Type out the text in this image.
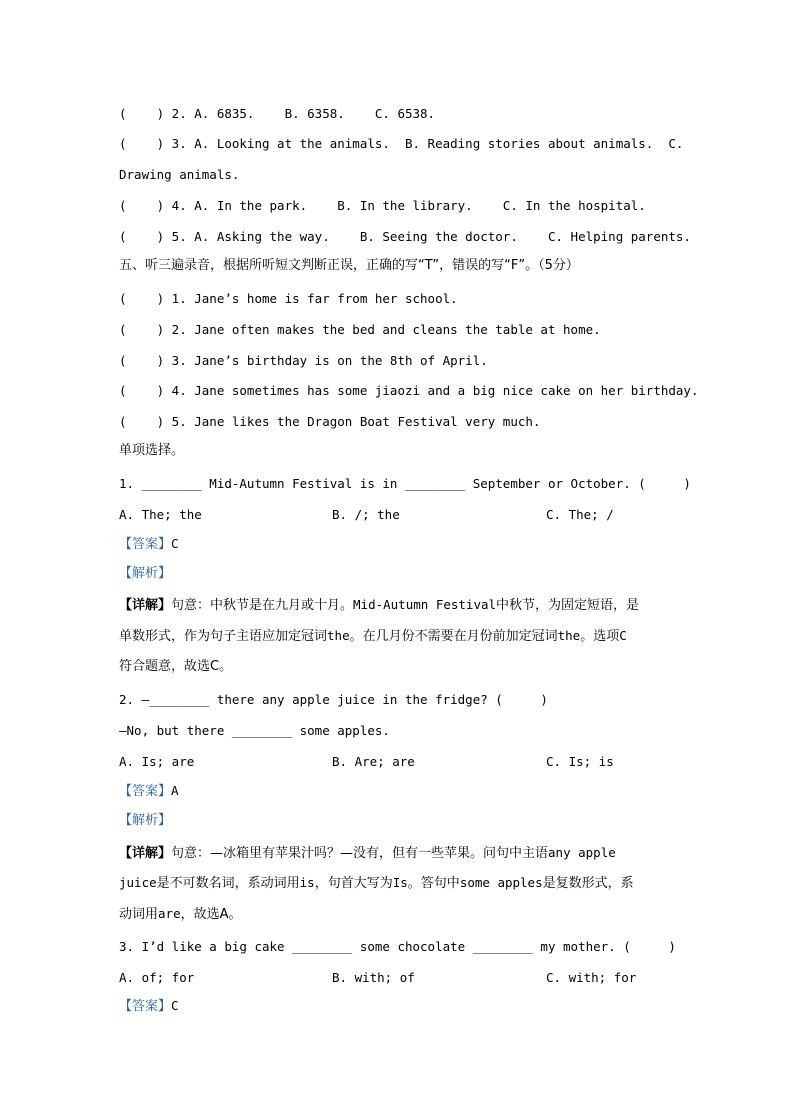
(    ) 2. A. 6835.    B. 6358.    C. 6538.
(    ) 3. A. Looking at the animals.  B. Reading stories about animals.  C.
Drawing animals.
(    ) 4. A. In the park.    B. In the library.    C. In the hospital.
(    ) 5. A. Asking the way.    B. Seeing the doctor.    C. Helping parents.
五、听三遍录音，根据所听短文判断正误，正确的写“T”，错误的写“F”。（5分）
(    ) 1. Jane’s home is far from her school.
(    ) 2. Jane often makes the bed and cleans the table at home.
(    ) 3. Jane’s birthday is on the 8th of April.
(    ) 4. Jane sometimes has some jiaozi and a big nice cake on her birthday.
(    ) 5. Jane likes the Dragon Boat Festival very much.
单项选择。
1. ________ Mid-Autumn Festival is in ________ September or October. (     )
A. The; the	B. /; the	C. The; /
【答案】C
【解析】
【详解】句意：中秋节是在九月或十月。Mid-Autumn Festival中秋节，为固定短语，是
单数形式，作为句子主语应加定冠词the。在几月份不需要在月份前加定冠词the。选项C
符合题意，故选C。
2. —________ there any apple juice in the fridge? (     )
—No, but there ________ some apples.
A. Is; are	B. Are; are	C. Is; is
【答案】A
【解析】
【详解】句意：—冰箱里有苹果汁吗？—没有，但有一些苹果。问句中主语any apple
juice是不可数名词，系动词用is，句首大写为Is。答句中some apples是复数形式，系
动词用are，故选A。
3. I’d like a big cake ________ some chocolate ________ my mother. (     )
A. of; for	B. with; of	C. with; for
【答案】C
